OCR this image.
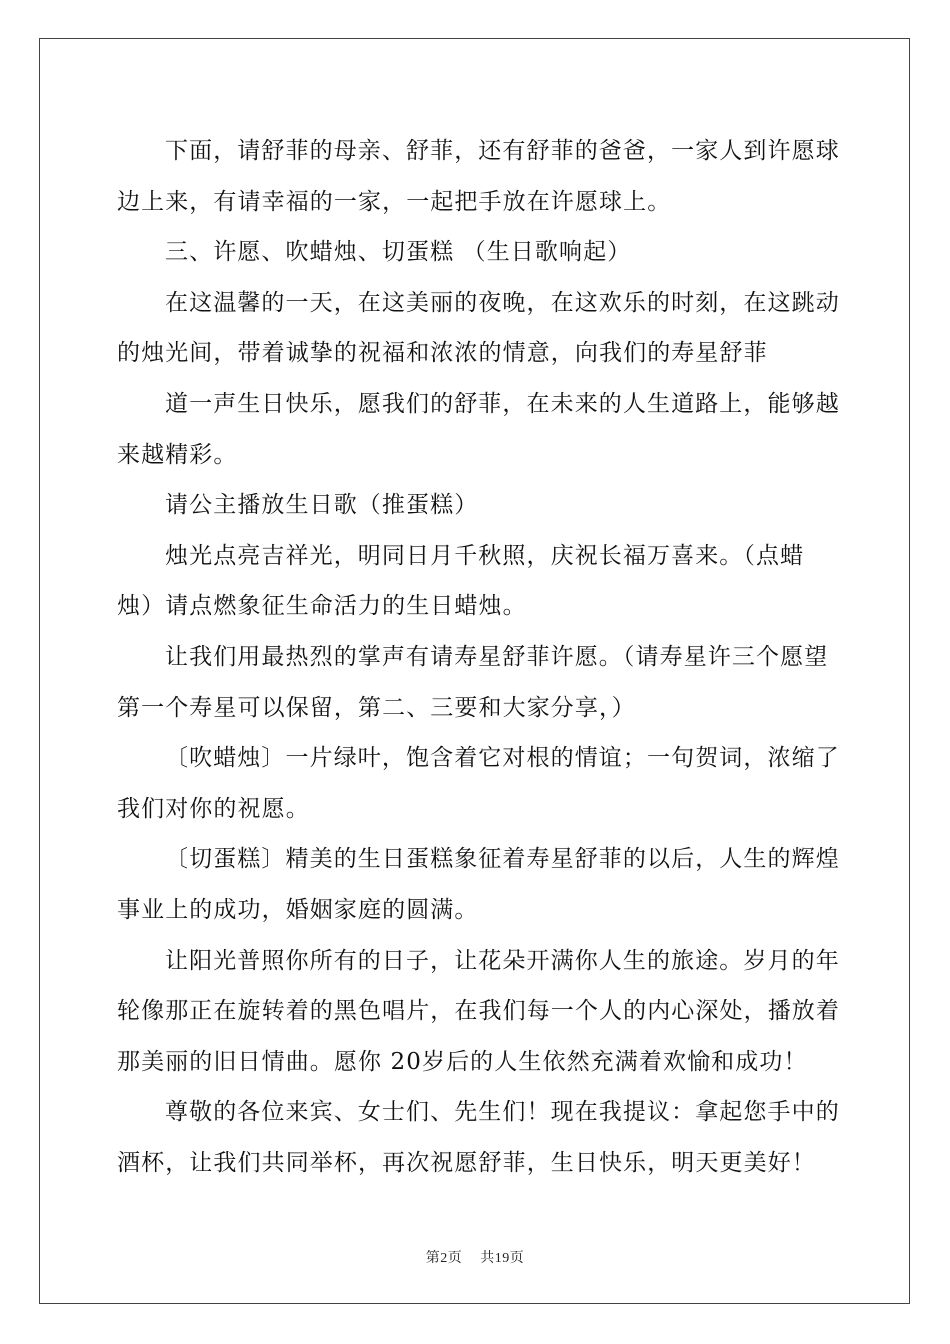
下面，请舒菲的母亲、舒菲，还有舒菲的爸爸，一家人到许愿球
边上来，有请幸福的一家，一起把手放在许愿球上。
三、许愿、吹蜡烛、切蛋糕 （生日歌响起）
在这温馨的一天，在这美丽的夜晚，在这欢乐的时刻，在这跳动
的烛光间，带着诚挚的祝福和浓浓的情意，向我们的寿星舒菲
道一声生日快乐，愿我们的舒菲，在未来的人生道路上，能够越
来越精彩。
请公主播放生日歌（推蛋糕）
烛光点亮吉祥光，明同日月千秋照，庆祝长福万喜来。（点蜡
烛）请点燃象征生命活力的生日蜡烛。
让我们用最热烈的掌声有请寿星舒菲许愿。（请寿星许三个愿望
第一个寿星可以保留，第二、三要和大家分享，）
〔吹蜡烛〕一片绿叶，饱含着它对根的情谊；一句贺词，浓缩了
我们对你的祝愿。
〔切蛋糕〕精美的生日蛋糕象征着寿星舒菲的以后，人生的辉煌
事业上的成功，婚姻家庭的圆满。
让阳光普照你所有的日子，让花朵开满你人生的旅途。岁月的年
轮像那正在旋转着的黑色唱片，在我们每一个人的内心深处，播放着
那美丽的旧日情曲。愿你 20岁后的人生依然充满着欢愉和成功！
尊敬的各位来宾、女士们、先生们！现在我提议：拿起您手中的
酒杯，让我们共同举杯，再次祝愿舒菲，生日快乐，明天更美好！
第2页 共19页
